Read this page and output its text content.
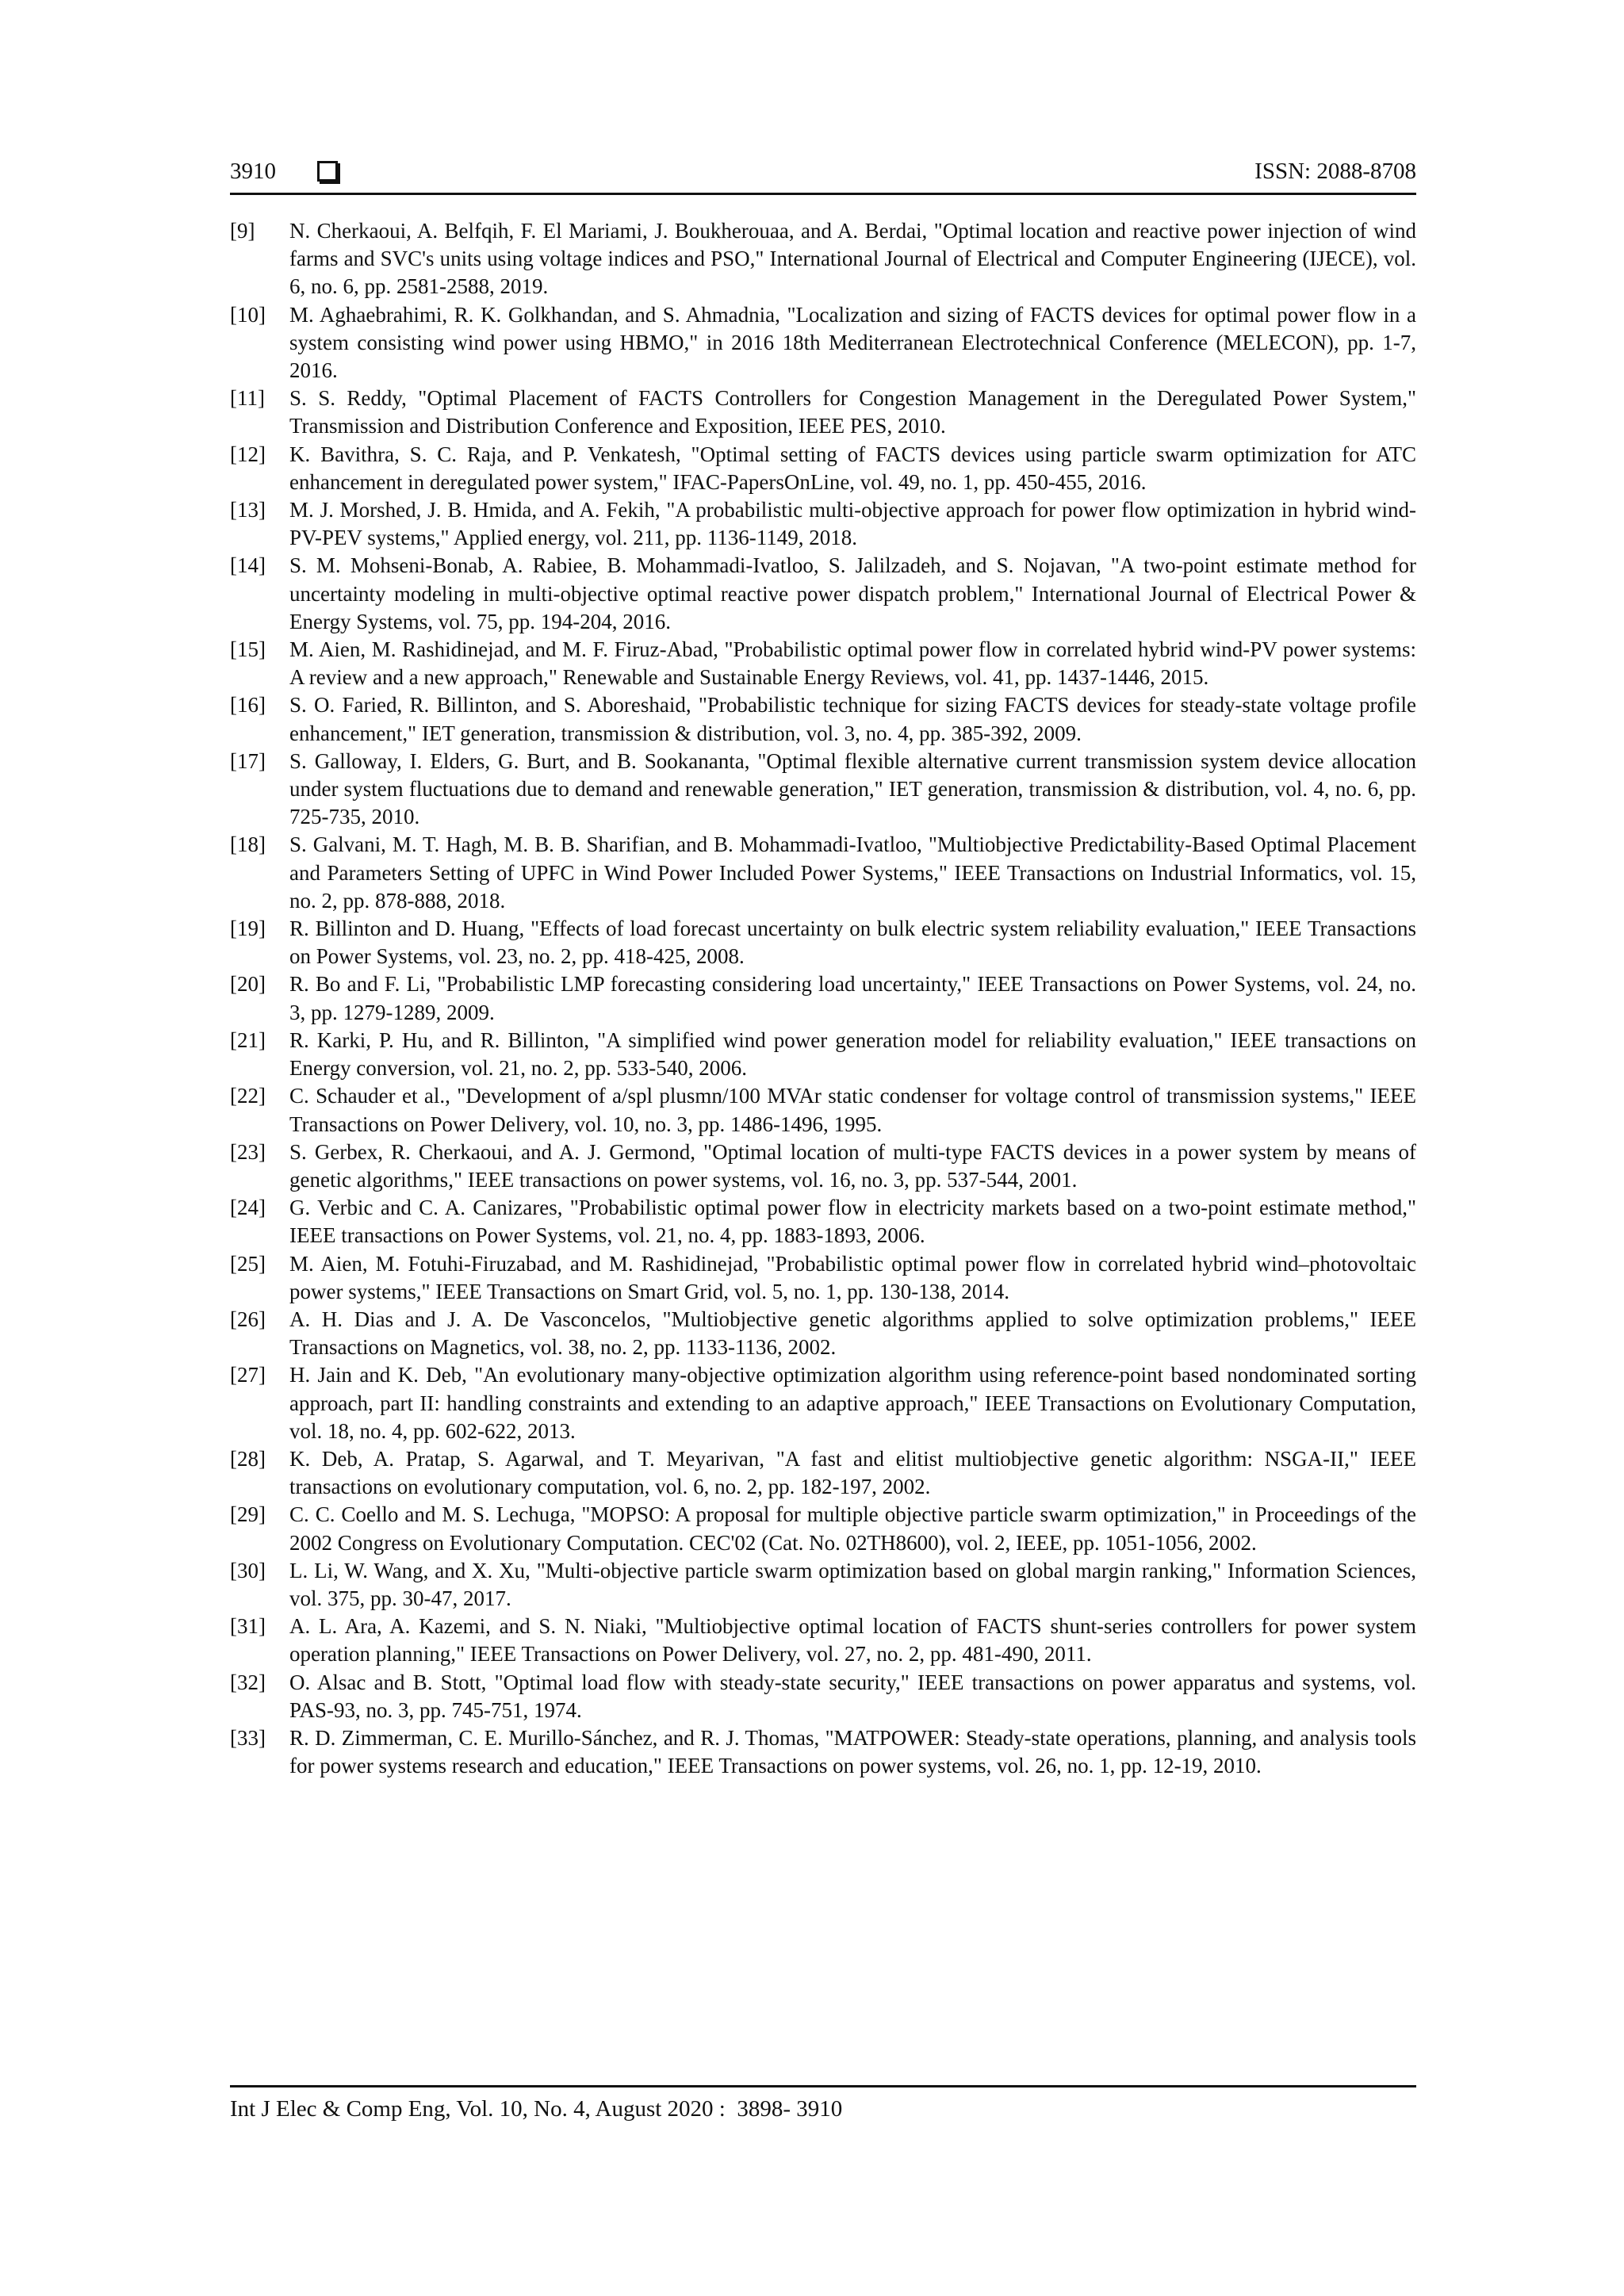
3910	ISSN: 2088-8708
[9] N. Cherkaoui, A. Belfqih, F. El Mariami, J. Boukherouaa, and A. Berdai, "Optimal location and reactive power injection of wind farms and SVC's units using voltage indices and PSO," International Journal of Electrical and Computer Engineering (IJECE), vol. 6, no. 6, pp. 2581-2588, 2019.
[10] M. Aghaebrahimi, R. K. Golkhandan, and S. Ahmadnia, "Localization and sizing of FACTS devices for optimal power flow in a system consisting wind power using HBMO," in 2016 18th Mediterranean Electrotechnical Conference (MELECON), pp. 1-7, 2016.
[11] S. S. Reddy, "Optimal Placement of FACTS Controllers for Congestion Management in the Deregulated Power System," Transmission and Distribution Conference and Exposition, IEEE PES, 2010.
[12] K. Bavithra, S. C. Raja, and P. Venkatesh, "Optimal setting of FACTS devices using particle swarm optimization for ATC enhancement in deregulated power system," IFAC-PapersOnLine, vol. 49, no. 1, pp. 450-455, 2016.
[13] M. J. Morshed, J. B. Hmida, and A. Fekih, "A probabilistic multi-objective approach for power flow optimization in hybrid wind-PV-PEV systems," Applied energy, vol. 211, pp. 1136-1149, 2018.
[14] S. M. Mohseni-Bonab, A. Rabiee, B. Mohammadi-Ivatloo, S. Jalilzadeh, and S. Nojavan, "A two-point estimate method for uncertainty modeling in multi-objective optimal reactive power dispatch problem," International Journal of Electrical Power & Energy Systems, vol. 75, pp. 194-204, 2016.
[15] M. Aien, M. Rashidinejad, and M. F. Firuz-Abad, "Probabilistic optimal power flow in correlated hybrid wind-PV power systems: A review and a new approach," Renewable and Sustainable Energy Reviews, vol. 41, pp. 1437-1446, 2015.
[16] S. O. Faried, R. Billinton, and S. Aboreshaid, "Probabilistic technique for sizing FACTS devices for steady-state voltage profile enhancement," IET generation, transmission & distribution, vol. 3, no. 4, pp. 385-392, 2009.
[17] S. Galloway, I. Elders, G. Burt, and B. Sookananta, "Optimal flexible alternative current transmission system device allocation under system fluctuations due to demand and renewable generation," IET generation, transmission & distribution, vol. 4, no. 6, pp. 725-735, 2010.
[18] S. Galvani, M. T. Hagh, M. B. B. Sharifian, and B. Mohammadi-Ivatloo, "Multiobjective Predictability-Based Optimal Placement and Parameters Setting of UPFC in Wind Power Included Power Systems," IEEE Transactions on Industrial Informatics, vol. 15, no. 2, pp. 878-888, 2018.
[19] R. Billinton and D. Huang, "Effects of load forecast uncertainty on bulk electric system reliability evaluation," IEEE Transactions on Power Systems, vol. 23, no. 2, pp. 418-425, 2008.
[20] R. Bo and F. Li, "Probabilistic LMP forecasting considering load uncertainty," IEEE Transactions on Power Systems, vol. 24, no. 3, pp. 1279-1289, 2009.
[21] R. Karki, P. Hu, and R. Billinton, "A simplified wind power generation model for reliability evaluation," IEEE transactions on Energy conversion, vol. 21, no. 2, pp. 533-540, 2006.
[22] C. Schauder et al., "Development of a/spl plusmn/100 MVAr static condenser for voltage control of transmission systems," IEEE Transactions on Power Delivery, vol. 10, no. 3, pp. 1486-1496, 1995.
[23] S. Gerbex, R. Cherkaoui, and A. J. Germond, "Optimal location of multi-type FACTS devices in a power system by means of genetic algorithms," IEEE transactions on power systems, vol. 16, no. 3, pp. 537-544, 2001.
[24] G. Verbic and C. A. Canizares, "Probabilistic optimal power flow in electricity markets based on a two-point estimate method," IEEE transactions on Power Systems, vol. 21, no. 4, pp. 1883-1893, 2006.
[25] M. Aien, M. Fotuhi-Firuzabad, and M. Rashidinejad, "Probabilistic optimal power flow in correlated hybrid wind–photovoltaic power systems," IEEE Transactions on Smart Grid, vol. 5, no. 1, pp. 130-138, 2014.
[26] A. H. Dias and J. A. De Vasconcelos, "Multiobjective genetic algorithms applied to solve optimization problems," IEEE Transactions on Magnetics, vol. 38, no. 2, pp. 1133-1136, 2002.
[27] H. Jain and K. Deb, "An evolutionary many-objective optimization algorithm using reference-point based nondominated sorting approach, part II: handling constraints and extending to an adaptive approach," IEEE Transactions on Evolutionary Computation, vol. 18, no. 4, pp. 602-622, 2013.
[28] K. Deb, A. Pratap, S. Agarwal, and T. Meyarivan, "A fast and elitist multiobjective genetic algorithm: NSGA-II," IEEE transactions on evolutionary computation, vol. 6, no. 2, pp. 182-197, 2002.
[29] C. C. Coello and M. S. Lechuga, "MOPSO: A proposal for multiple objective particle swarm optimization," in Proceedings of the 2002 Congress on Evolutionary Computation. CEC'02 (Cat. No. 02TH8600), vol. 2, IEEE, pp. 1051-1056, 2002.
[30] L. Li, W. Wang, and X. Xu, "Multi-objective particle swarm optimization based on global margin ranking," Information Sciences, vol. 375, pp. 30-47, 2017.
[31] A. L. Ara, A. Kazemi, and S. N. Niaki, "Multiobjective optimal location of FACTS shunt-series controllers for power system operation planning," IEEE Transactions on Power Delivery, vol. 27, no. 2, pp. 481-490, 2011.
[32] O. Alsac and B. Stott, "Optimal load flow with steady-state security," IEEE transactions on power apparatus and systems, vol. PAS-93, no. 3, pp. 745-751, 1974.
[33] R. D. Zimmerman, C. E. Murillo-Sánchez, and R. J. Thomas, "MATPOWER: Steady-state operations, planning, and analysis tools for power systems research and education," IEEE Transactions on power systems, vol. 26, no. 1, pp. 12-19, 2010.
Int J Elec & Comp Eng, Vol. 10, No. 4, August 2020 :  3898- 3910
